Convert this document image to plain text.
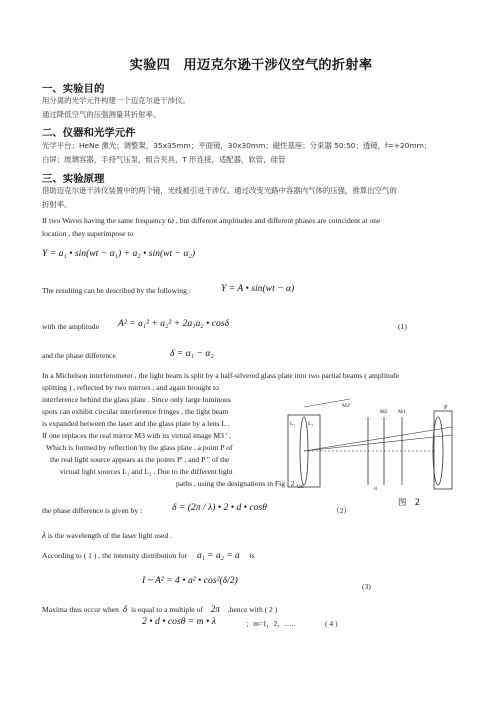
实验四　用迈克尔逊干涉仪空气的折射率
一、实验目的
用分离的光学元件构建一个迈克尔逊干涉仪。
通过降低空气的压强测量其折射率。
二、仪器和光学元件
光学平台；HeNe 激光；调整架，35x35mm；平面镜，30x30mm；磁性基座；分束器 50:50；透镜，f=+20mm；
白屏；玻璃容器，手持气压泵，组合夹具，T 形连接，适配器，软管，硅管
三、实验原理
借助迈克尔逊干涉仪装置中的两个镜，光线被引进干涉仪。通过改变光路中容器内气体的压强，推算出空气的
折射率。
If two Waves having the same frequency ω , but different amplitudes and different phases are coincident at one
location , they superimpose to
Y = a₁ • sin(wt − α₁) + a₂ • sin(wt − α₂)
The resulting can be described by the following :	Y = A • sin(wt − α)
with the amplitude	A² = a₁² + a₂² + 2a₁a₂ • cosδ	(1)
and the phase difference	δ = α₁ − α₂
In a Michelson interferometer , the light beam is split by a half-silvered glass plate into two partial beams ( amplitude
splitting ) , reflected by two mirrors , and again brought to
interference behind the glass plate . Since only large luminous
spots can exhibit circular interference fringes , the light beam
is expanded between the laser and the glass plate by a lens L .
If one replaces the real mirror M3 with its virtual image M3 ' ,
Which is formed by reflection by the glass plate , a point P of
the real light source appears as the points P' , and P " of the
virtual light sources L₁ and L₂ . Due to the different light
paths , using the designations in Fig . 2 ,
M2'
M2 M1
P
L₁ L₂
2d	d
图　2
the phase difference is given by :	δ = (2π / λ) • 2 • d • cosθ	（2）
λ is the wavelength of the laser light used .
According to ( 1 ) , the intensity distribution for a₁ = a₂ = a is
I ~ A² = 4 • a² • cos²(δ/2)
(3)
Maxima thus occur when δ is equal to a multiple of 2π ,hence with ( 2 )
2 • d • cosθ = m • λ	；m=1，2，…..	( 4 )
